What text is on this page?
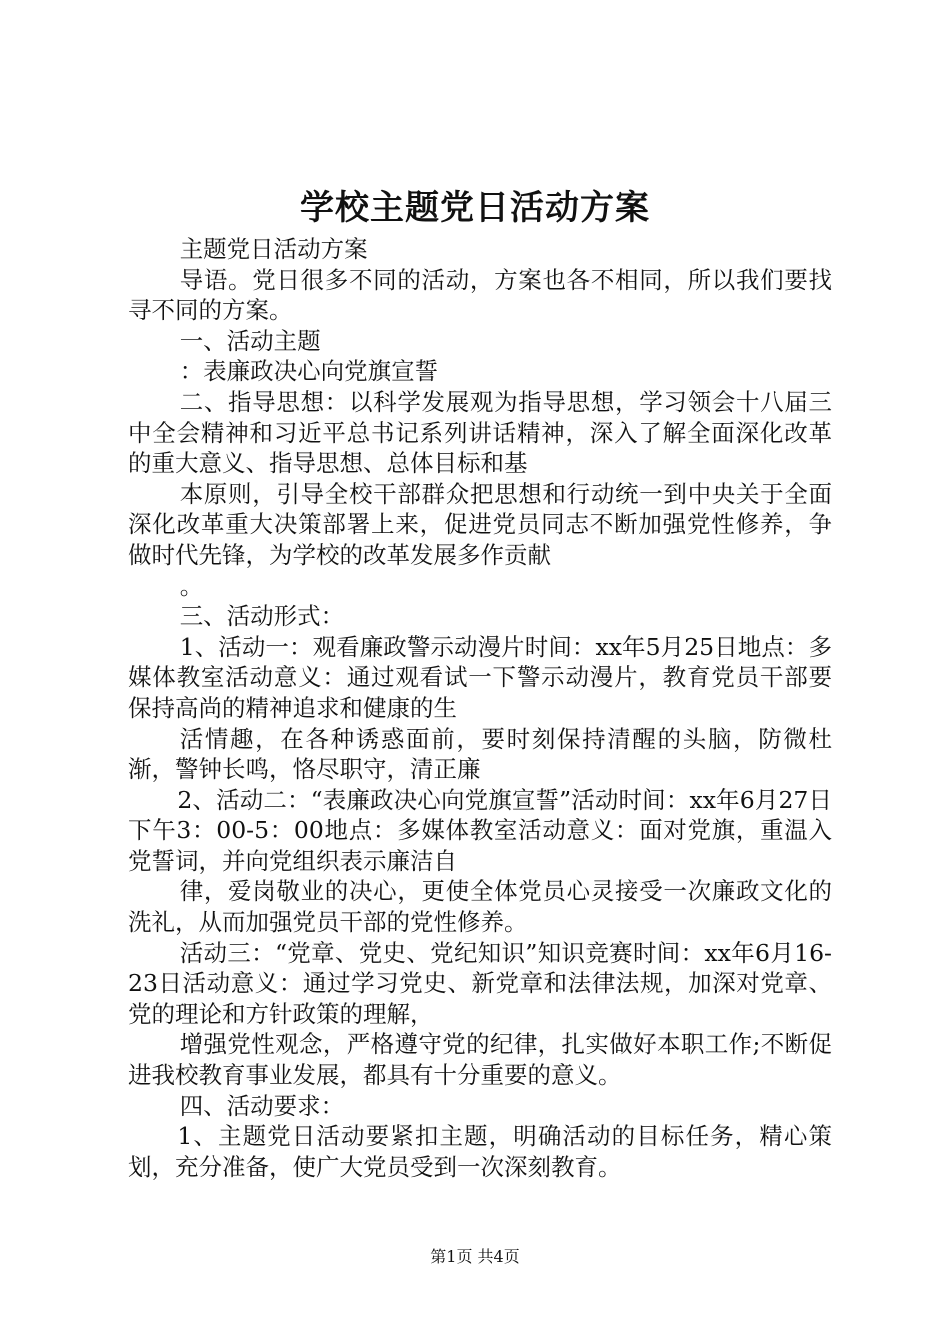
学校主题党日活动方案

主题党日活动方案

导语。党日很多不同的活动，方案也各不相同，所以我们要找寻不同的方案。

一、活动主题

：表廉政决心向党旗宣誓

二、指导思想：以科学发展观为指导思想，学习领会十八届三中全会精神和习近平总书记系列讲话精神，深入了解全面深化改革的重大意义、指导思想、总体目标和基

本原则，引导全校干部群众把思想和行动统一到中央关于全面深化改革重大决策部署上来，促进党员同志不断加强党性修养，争做时代先锋，为学校的改革发展多作贡献

。

三、活动形式：

1、活动一：观看廉政警示动漫片时间：xx年5月25日地点：多媒体教室活动意义：通过观看试一下警示动漫片，教育党员干部要保持高尚的精神追求和健康的生

活情趣，在各种诱惑面前，要时刻保持清醒的头脑，防微杜渐，警钟长鸣，恪尽职守，清正廉

2、活动二：“表廉政决心向党旗宣誓”活动时间：xx年6月27日下午3：00-5：00地点：多媒体教室活动意义：面对党旗，重温入党誓词，并向党组织表示廉洁自

律，爱岗敬业的决心，更使全体党员心灵接受一次廉政文化的洗礼，从而加强党员干部的党性修养。

活动三：“党章、党史、党纪知识”知识竞赛时间：xx年6月16-23日活动意义：通过学习党史、新党章和法律法规，加深对党章、党的理论和方针政策的理解，

增强党性观念，严格遵守党的纪律，扎实做好本职工作;不断促进我校教育事业发展，都具有十分重要的意义。

四、活动要求：

1、主题党日活动要紧扣主题，明确活动的目标任务，精心策划，充分准备，使广大党员受到一次深刻教育。

第1页 共4页
